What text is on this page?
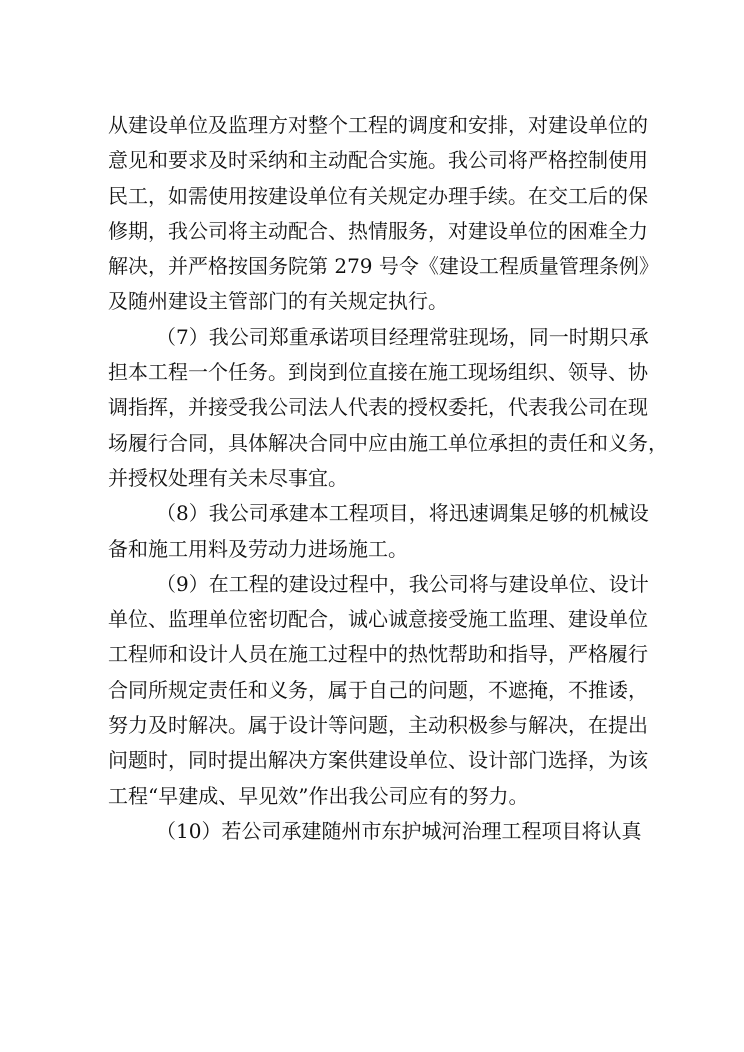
从建设单位及监理方对整个工程的调度和安排，对建设单位的
意见和要求及时采纳和主动配合实施。我公司将严格控制使用
民工，如需使用按建设单位有关规定办理手续。在交工后的保
修期，我公司将主动配合、热情服务，对建设单位的困难全力
解决，并严格按国务院第 279 号令《建设工程质量管理条例》
及随州建设主管部门的有关规定执行。

（7）我公司郑重承诺项目经理常驻现场，同一时期只承
担本工程一个任务。到岗到位直接在施工现场组织、领导、协
调指挥，并接受我公司法人代表的授权委托，代表我公司在现
场履行合同，具体解决合同中应由施工单位承担的责任和义务，
并授权处理有关未尽事宜。

（8）我公司承建本工程项目，将迅速调集足够的机械设
备和施工用料及劳动力进场施工。

（9）在工程的建设过程中，我公司将与建设单位、设计
单位、监理单位密切配合，诚心诚意接受施工监理、建设单位
工程师和设计人员在施工过程中的热忱帮助和指导，严格履行
合同所规定责任和义务，属于自己的问题，不遮掩，不推诿，
努力及时解决。属于设计等问题，主动积极参与解决，在提出
问题时，同时提出解决方案供建设单位、设计部门选择，为该
工程“早建成、早见效”作出我公司应有的努力。

（10）若公司承建随州市东护城河治理工程项目将认真
